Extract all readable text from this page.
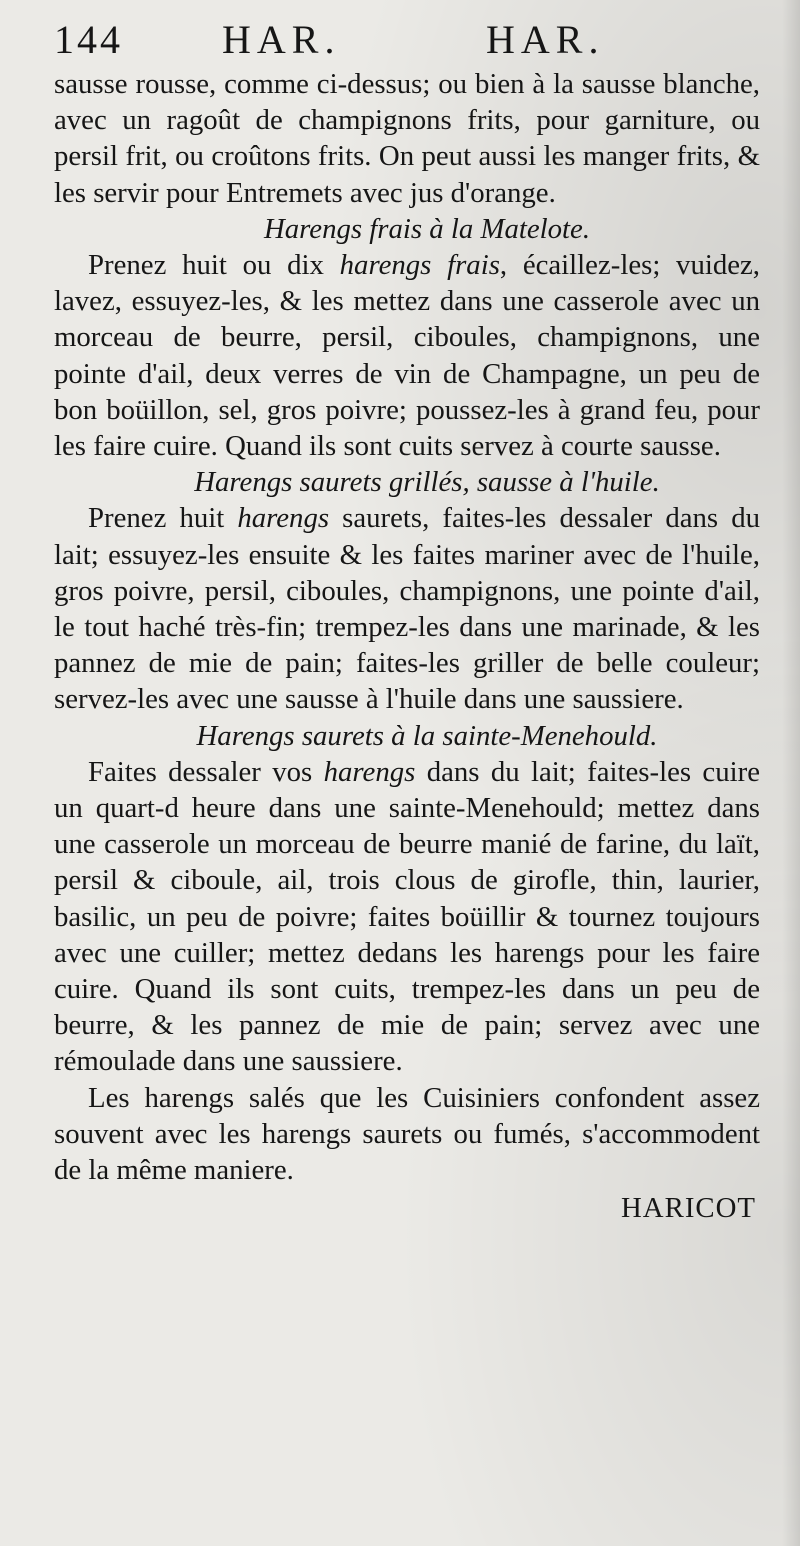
144 HAR.	HAR.

sausse rousse, comme ci-dessus; ou bien à la sausse blanche, avec un ragoût de champignons frits, pour garniture, ou persil frit, ou croûtons frits. On peut aussi les manger frits, & les servir pour Entremets avec jus d'orange.

Harengs frais à la Matelote.

Prenez huit ou dix harengs frais, écaillez-les; vuidez, lavez, essuyez-les, & les mettez dans une casserole avec un morceau de beurre, persil, ciboules, champignons, une pointe d'ail, deux verres de vin de Champagne, un peu de bon boüillon, sel, gros poivre; poussez-les à grand feu, pour les faire cuire. Quand ils sont cuits servez à courte sausse.

Harengs saurets grillés, sausse à l'huile.

Prenez huit harengs saurets, faites-les dessaler dans du lait; essuyez-les ensuite & les faites mariner avec de l'huile, gros poivre, persil, ciboules, champignons, une pointe d'ail, le tout haché très-fin; trempez-les dans une marinade, & les pannez de mie de pain; faites-les griller de belle couleur; servez-les avec une sausse à l'huile dans une saussiere.

Harengs saurets à la sainte-Menehould.

Faites dessaler vos harengs dans du lait; faites-les cuire un quart-d heure dans une sainte-Menehould; mettez dans une casserole un morceau de beurre manié de farine, du laït, persil & ciboule, ail, trois clous de girofle, thin, laurier, basilic, un peu de poivre; faites boüillir & tournez toujours avec une cuiller; mettez dedans les harengs pour les faire cuire. Quand ils sont cuits, trempez-les dans un peu de beurre, & les pannez de mie de pain; servez avec une rémoulade dans une saussiere.

Les harengs salés que les Cuisiniers confondent assez souvent avec les harengs saurets ou fumés, s'accommodent de la même maniere.

HARICOT
